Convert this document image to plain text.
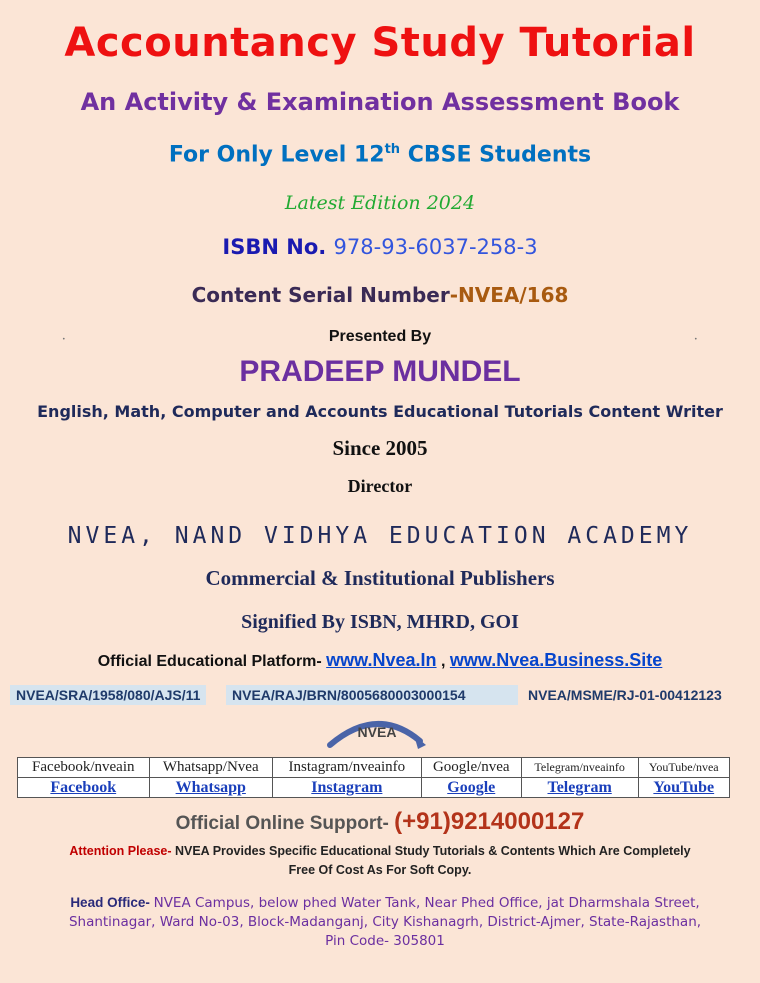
Accountancy Study Tutorial
An Activity & Examination Assessment Book
For Only Level 12th CBSE Students
Latest Edition 2024
ISBN No. 978-93-6037-258-3
Content Serial Number-NVEA/168
•	•
Presented By
PRADEEP MUNDEL
English, Math, Computer and Accounts Educational Tutorials Content Writer
Since 2005
Director
NVEA, NAND VIDHYA EDUCATION ACADEMY
Commercial & Institutional Publishers
Signified By ISBN, MHRD, GOI
Official Educational Platform- www.Nvea.In , www.Nvea.Business.Site
NVEA/SRA/1958/080/AJS/11	NVEA/RAJ/BRN/8005680003000154	NVEA/MSME/RJ-01-00412123
NVEA
Facebook/nveain	Whatsapp/Nvea	Instagram/nveainfo	Google/nvea	Telegram/nveainfo	YouTube/nvea
Facebook	Whatsapp	Instagram	Google	Telegram	YouTube
Official Online Support- (+91)9214000127
Attention Please- NVEA Provides Specific Educational Study Tutorials & Contents Which Are Completely Free Of Cost As For Soft Copy.
Head Office- NVEA Campus, below phed Water Tank, Near Phed Office, jat Dharmshala Street, Shantinagar, Ward No-03, Block-Madanganj, City Kishanagrh, District-Ajmer, State-Rajasthan, Pin Code- 305801
